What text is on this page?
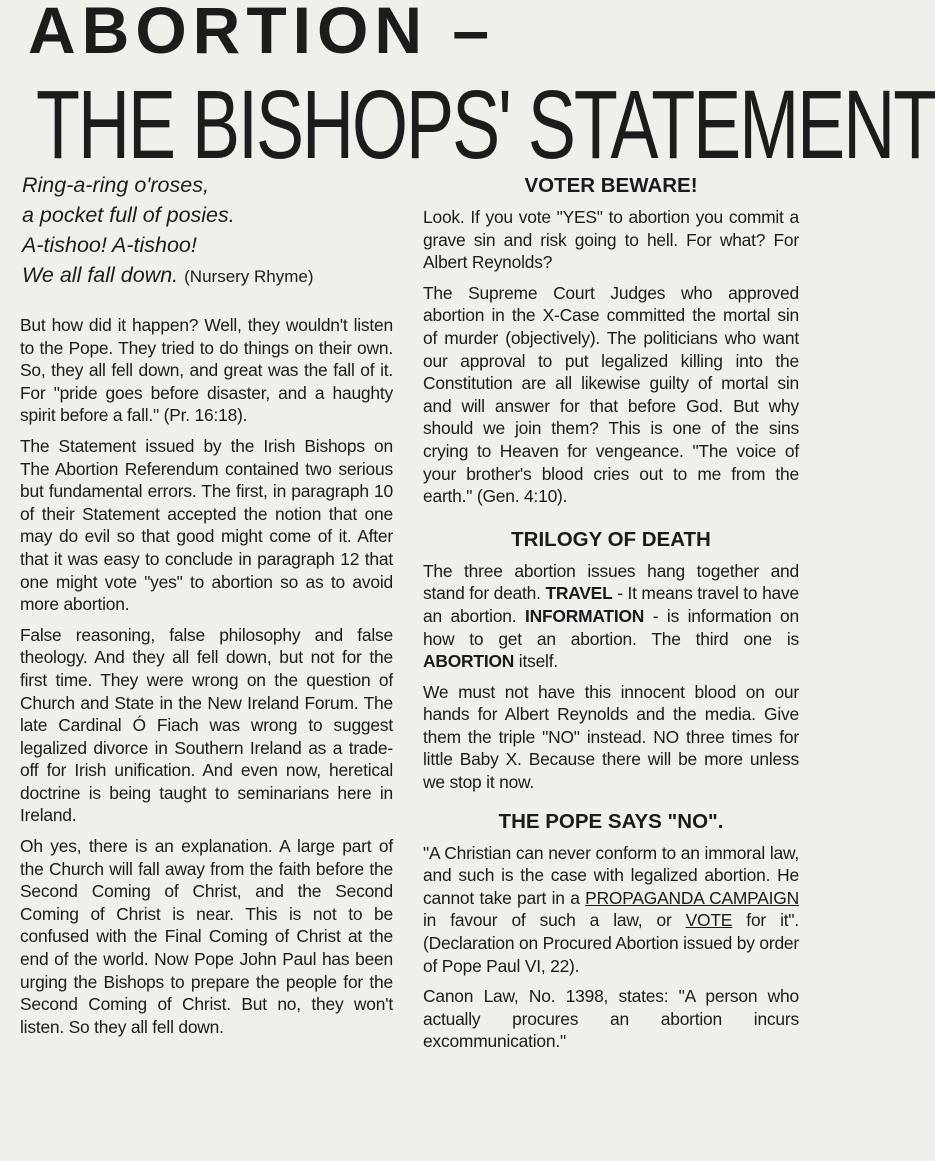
ABORTION –
THE BISHOPS' STATEMENT
Ring-a-ring o'roses,
a pocket full of posies.
A-tishoo! A-tishoo!
We all fall down. (Nursery Rhyme)

But how did it happen? Well, they wouldn't listen to the Pope. They tried to do things on their own. So, they all fell down, and great was the fall of it. For "pride goes before disaster, and a haughty spirit before a fall." (Pr. 16:18).

The Statement issued by the Irish Bishops on The Abortion Referendum contained two serious but fundamental errors. The first, in paragraph 10 of their Statement accepted the notion that one may do evil so that good might come of it. After that it was easy to conclude in paragraph 12 that one might vote "yes" to abortion so as to avoid more abortion.

False reasoning, false philosophy and false theology. And they all fell down, but not for the first time. They were wrong on the question of Church and State in the New Ireland Forum. The late Cardinal Ó Fiach was wrong to suggest legalized divorce in Southern Ireland as a trade-off for Irish unification. And even now, heretical doctrine is being taught to seminarians here in Ireland.

Oh yes, there is an explanation. A large part of the Church will fall away from the faith before the Second Coming of Christ, and the Second Coming of Christ is near. This is not to be confused with the Final Coming of Christ at the end of the world. Now Pope John Paul has been urging the Bishops to prepare the people for the Second Coming of Christ. But no, they won't listen. So they all fell down.

VOTER BEWARE!

Look. If you vote "YES" to abortion you commit a grave sin and risk going to hell. For what? For Albert Reynolds?

The Supreme Court Judges who approved abortion in the X-Case committed the mortal sin of murder (objectively). The politicians who want our approval to put legalized killing into the Constitution are all likewise guilty of mortal sin and will answer for that before God. But why should we join them? This is one of the sins crying to Heaven for vengeance. "The voice of your brother's blood cries out to me from the earth." (Gen. 4:10).

TRILOGY OF DEATH

The three abortion issues hang together and stand for death. TRAVEL - It means travel to have an abortion. INFORMATION - is information on how to get an abortion. The third one is ABORTION itself.

We must not have this innocent blood on our hands for Albert Reynolds and the media. Give them the triple "NO" instead. NO three times for little Baby X. Because there will be more unless we stop it now.

THE POPE SAYS "NO".

"A Christian can never conform to an immoral law, and such is the case with legalized abortion. He cannot take part in a PROPAGANDA CAMPAIGN in favour of such a law, or VOTE for it". (Declaration on Procured Abortion issued by order of Pope Paul VI, 22).

Canon Law, No. 1398, states: "A person who actually procures an abortion incurs excommunication."
